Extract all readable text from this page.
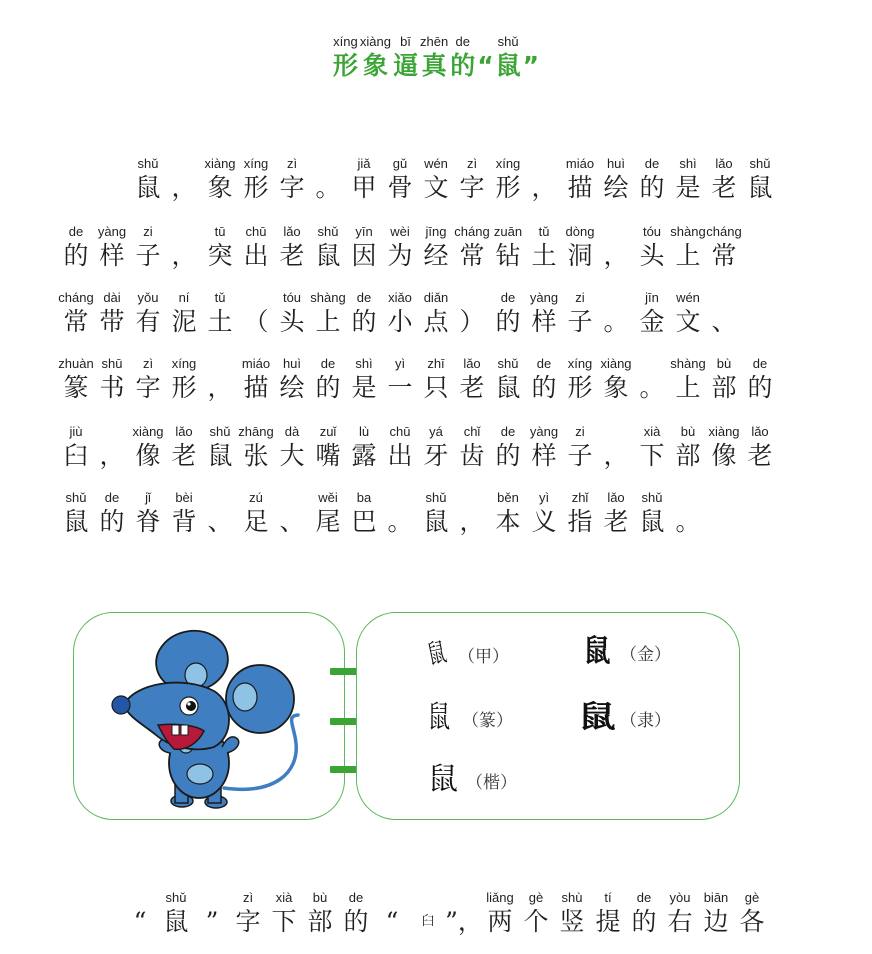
xíng
形
xiàng
象
bī
逼
zhēn
真
de
的 “
shǔ
鼠 ”
shǔ
鼠 ，
xiàng
象
xíng
形
zì
字 。
jiǎ
甲
gǔ
骨
wén
文
zì
字
xíng
形 ，
miáo
描
huì
绘
de
的
shì
是
lǎo
老
shǔ
鼠
de
的
yàng
样
zi
子 ，
tū
突
chū
出
lǎo
老
shǔ
鼠
yīn
因
wèi
为
jīng
经
cháng
常
zuān
钻
tǔ
土
dòng
洞 ，
tóu
头
shàng
上
cháng
常
cháng
常
dài
带
yǒu
有
ní
泥
tǔ
土 （
tóu
头
shàng
上
de
的
xiǎo
小
diǎn
点 ）
de
的
yàng
样
zi
子 。
jīn
金
wén
文 、
zhuàn
篆
shū
书
zì
字
xíng
形 ，
miáo
描
huì
绘
de
的
shì
是
yì
一
zhī
只
lǎo
老
shǔ
鼠
de
的
xíng
形
xiàng
象 。
shàng
上
bù
部
de
的
jiù
臼 ，
xiàng
像
lǎo
老
shǔ
鼠
zhāng
张
dà
大
zuǐ
嘴
lù
露
chū
出
yá
牙
chǐ
齿
de
的
yàng
样
zi
子 ，
xià
下
bù
部
xiàng
像
lǎo
老
shǔ
鼠
de
的
jǐ
脊
bèi
背 、
zú
足 、
wěi
尾
ba
巴 。
shǔ
鼠 ，
běn
本
yì
义
zhǐ
指
lǎo
老
shǔ
鼠 。
鼠 （甲） 鼠 （金）
鼠 （篆） 鼠 （隶）
鼠 （楷）
“
shǔ
鼠 ”
zì
字
xià
下
bù
部
de
的 “ ⾅ ”，
liǎng
两
gè
个
shù
竖
tí
提
de
的
yòu
右
biān
边
gè
各
